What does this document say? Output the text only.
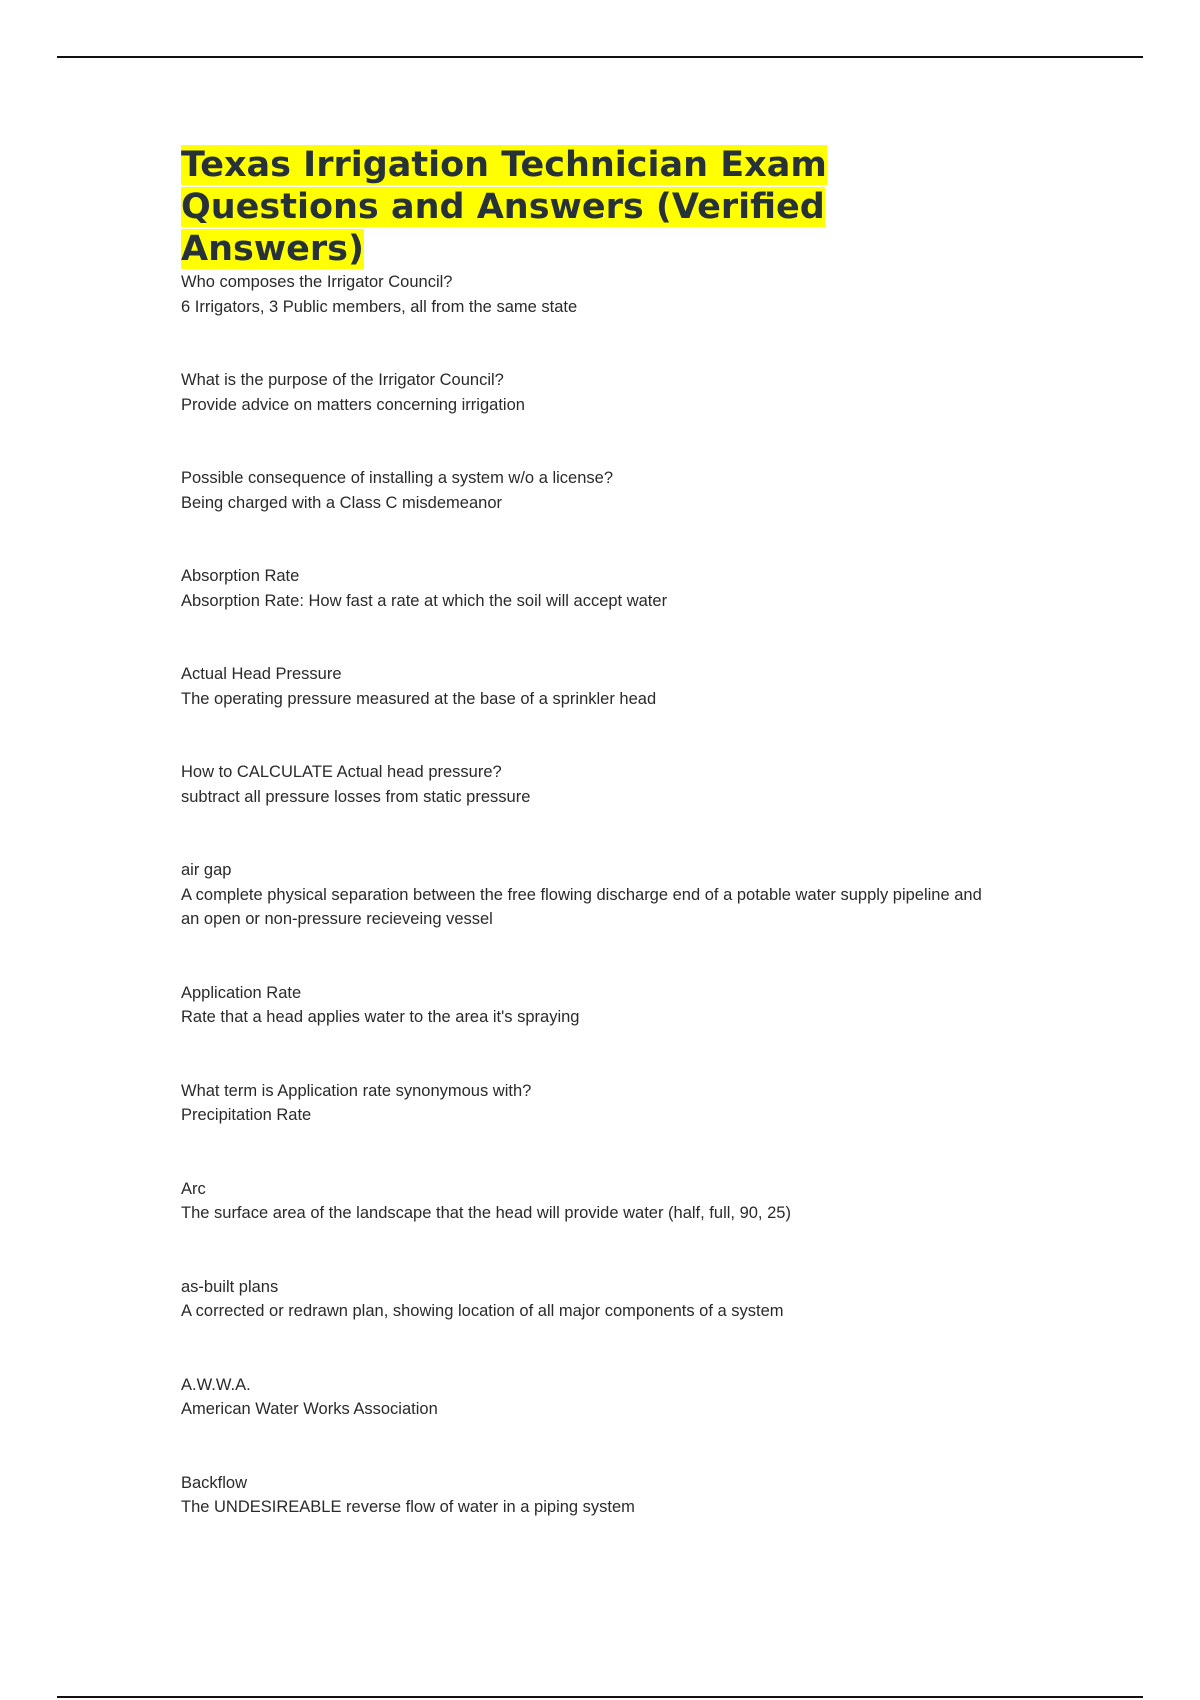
Texas Irrigation Technician Exam Questions and Answers (Verified Answers)
Who composes the Irrigator Council?
6 Irrigators, 3 Public members, all from the same state
What is the purpose of the Irrigator Council?
Provide advice on matters concerning irrigation
Possible consequence of installing a system w/o a license?
Being charged with a Class C misdemeanor
Absorption Rate
Absorption Rate: How fast a rate at which the soil will accept water
Actual Head Pressure
The operating pressure measured at the base of a sprinkler head
How to CALCULATE Actual head pressure?
subtract all pressure losses from static pressure
air gap
A complete physical separation between the free flowing discharge end of a potable water supply pipeline and an open or non-pressure recieveing vessel
Application Rate
Rate that a head applies water to the area it's spraying
What term is Application rate synonymous with?
Precipitation Rate
Arc
The surface area of the landscape that the head will provide water (half, full, 90, 25)
as-built plans
A corrected or redrawn plan, showing location of all major components of a system
A.W.W.A.
American Water Works Association
Backflow
The UNDESIREABLE reverse flow of water in a piping system
